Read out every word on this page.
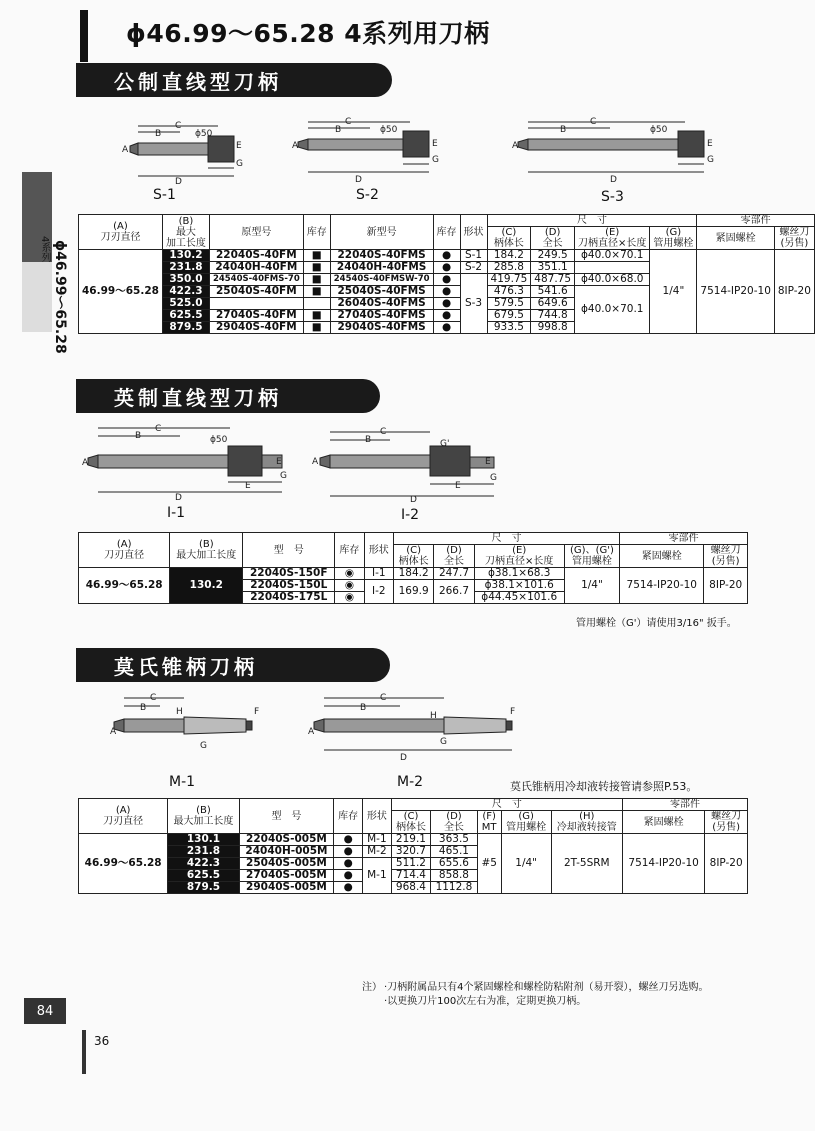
ϕ46.99～65.28 4系列用刀柄
ϕ46.99～65.28
4系列
公制直线型刀柄
C
B
A
ϕ50
E
G
D
C
B
A
ϕ50
E
G
D
C
B
A
ϕ50
E
G
D
S-1	S-2	S-3
(A)
刀刃直径	(B)
最大
加工长度	原型号	库存	新型号	库存	形状	尺　寸				零部件	
							(C)
柄体长	(D)
全长	(E)
刀柄直径×长度	(G)
管用螺栓	紧固螺栓	螺丝刀
(另售)
46.99～65.28	130.2	22040S-40FM	■	22040S-40FMS	●	S-1	184.2	249.5	ϕ40.0×70.1	1/4"	7514-IP20-10	8IP-20
	231.8	24040H-40FM	■	24040H-40FMS	●	S-2	285.8	351.1				
	350.0	24540S-40FMS-70	■	24540S-40FMSW-70	●	S-3	419.75	487.75	ϕ40.0×68.0			
	422.3	25040S-40FM	■	25040S-40FMS	●		476.3	541.6	ϕ40.0×70.1			
	525.0			26040S-40FMS	●		579.5	649.6				
	625.5	27040S-40FM	■	27040S-40FMS	●		679.5	744.8				
	879.5	29040S-40FM	■	29040S-40FMS	●		933.5	998.8				
英制直线型刀柄
C
B
A
ϕ50
E
E
G
D
C
B
A
G'
E
E
G
D
I-1	I-2
(A)
刀刃直径	(B)
最大加工长度	型　号	库存	形状	尺　寸				零部件	
					(C)
柄体长	(D)
全长	(E)
刀柄直径×长度	(G)、(G')
管用螺栓	紧固螺栓	螺丝刀
(另售)
46.99～65.28	130.2	22040S-150F	◉	I-1	184.2	247.7	ϕ38.1×68.3	1/4"	7514-IP20-10	8IP-20
		22040S-150L	◉	I-2	169.9	266.7	ϕ38.1×101.6			
		22040S-175L	◉				ϕ44.45×101.6			
管用螺栓（G'）请使用3/16" 扳手。
莫氏锥柄刀柄
C
B	H
A
F
G
C
B
H
A
F
G
D
M-1	M-2	莫氏锥柄用冷却液转接管请参照P.53。
(A)
刀刃直径	(B)
最大加工长度	型　号	库存	形状	尺　寸					零部件	
					(C)
柄体长	(D)
全长	(F)
MT	(G)
管用螺栓	(H)
冷却液转接管	紧固螺栓	螺丝刀
(另售)
46.99～65.28	130.1	22040S-005M	●	M-1	219.1	363.5	#5	1/4"	2T-5SRM	7514-IP20-10	8IP-20
	231.8	24040H-005M	●	M-2	320.7	465.1					
	422.3	25040S-005M	●	M-1	511.2	655.6					
	625.5	27040S-005M	●		714.4	858.8					
	879.5	29040S-005M	●		968.4	1112.8					
注） ·刀柄附属品只有4个紧固螺栓和螺栓防粘附剂（易开裂），螺丝刀另选购。
·以更换刀片100次左右为准，定期更换刀柄。
84
36
